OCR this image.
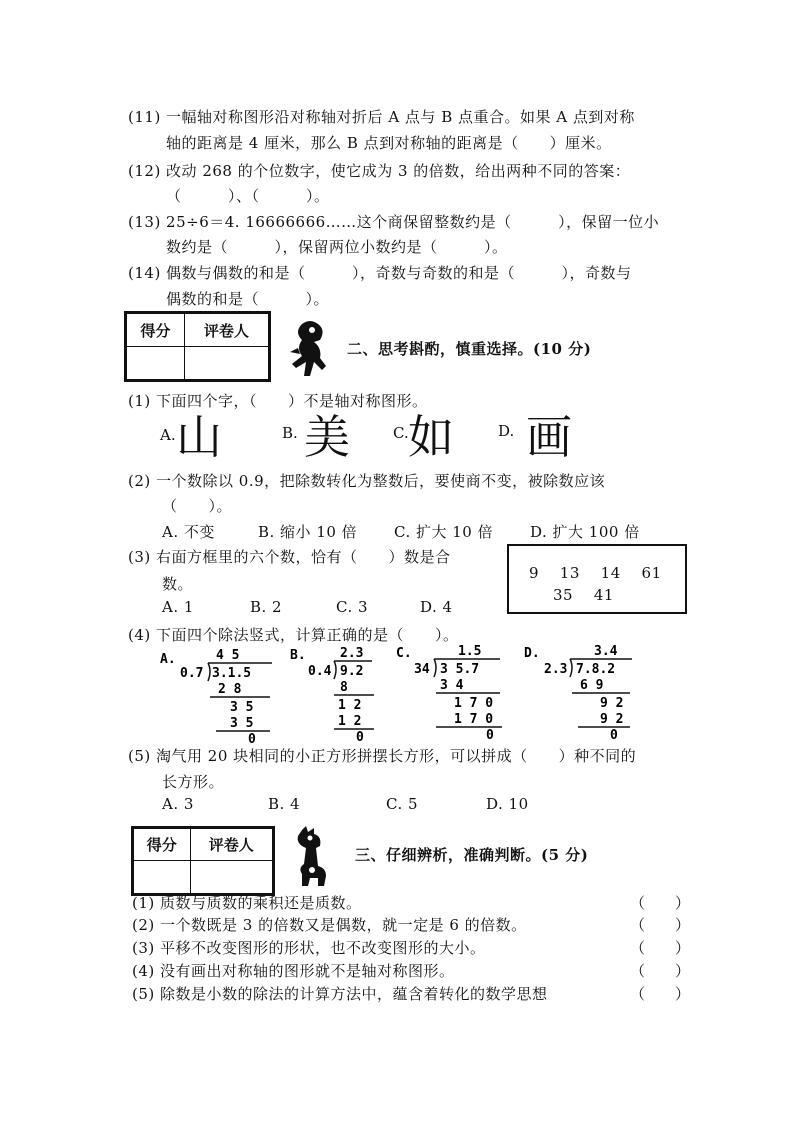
(11) 一幅轴对称图形沿对称轴对折后 A 点与 B 点重合。如果 A 点到对称
轴的距离是 4 厘米，那么 B 点到对称轴的距离是（　　）厘米。
(12) 改动 268 的个位数字，使它成为 3 的倍数，给出两种不同的答案：
（　　　）、（　　　）。
(13) 25÷6＝4. 16666666……这个商保留整数约是（　　　），保留一位小
数约是（　　　），保留两位小数约是（　　　）。
(14) 偶数与偶数的和是（　　　），奇数与奇数的和是（　　　），奇数与
偶数的和是（　　　）。
得分	评卷人

二、思考斟酌，慎重选择。(10 分)
(1) 下面四个字，（　　）不是轴对称图形。
A. 山	B. 美	C. 如	D. 画
(2) 一个数除以 0.9，把除数转化为整数后，要使商不变，被除数应该
（　　）。
A. 不变	B. 缩小 10 倍 C. 扩大 10 倍 D. 扩大 100 倍
(3) 右面方框里的六个数，恰有（　　）数是合
数。
9　 13　 14　 61
35　 41
A. 1	B. 2	C. 3	D. 4
(4) 下面四个除法竖式，计算正确的是（　　）。
A.	4 5
0.7 3.1.5
2 8
3 5
3 5
0
B.	2.3
0.4 9.2
8
1 2
1 2
0
C.	1.5
34 3 5.7
3 4
1 7 0
1 7 0
0
D.	3.4
2.3 7.8.2
6 9
9 2
9 2
0
(5) 淘气用 20 块相同的小正方形拼摆长方形，可以拼成（　　）种不同的
长方形。
A. 3	B. 4	C. 5	D. 10
得分	评卷人

三、仔细辨析，准确判断。(5 分)
(1) 质数与质数的乘积还是质数。	（　　）
(2) 一个数既是 3 的倍数又是偶数，就一定是 6 的倍数。	（　　）
(3) 平移不改变图形的形状，也不改变图形的大小。	（　　）
(4) 没有画出对称轴的图形就不是轴对称图形。	（　　）
(5) 除数是小数的除法的计算方法中，蕴含着转化的数学思想	（　　）
